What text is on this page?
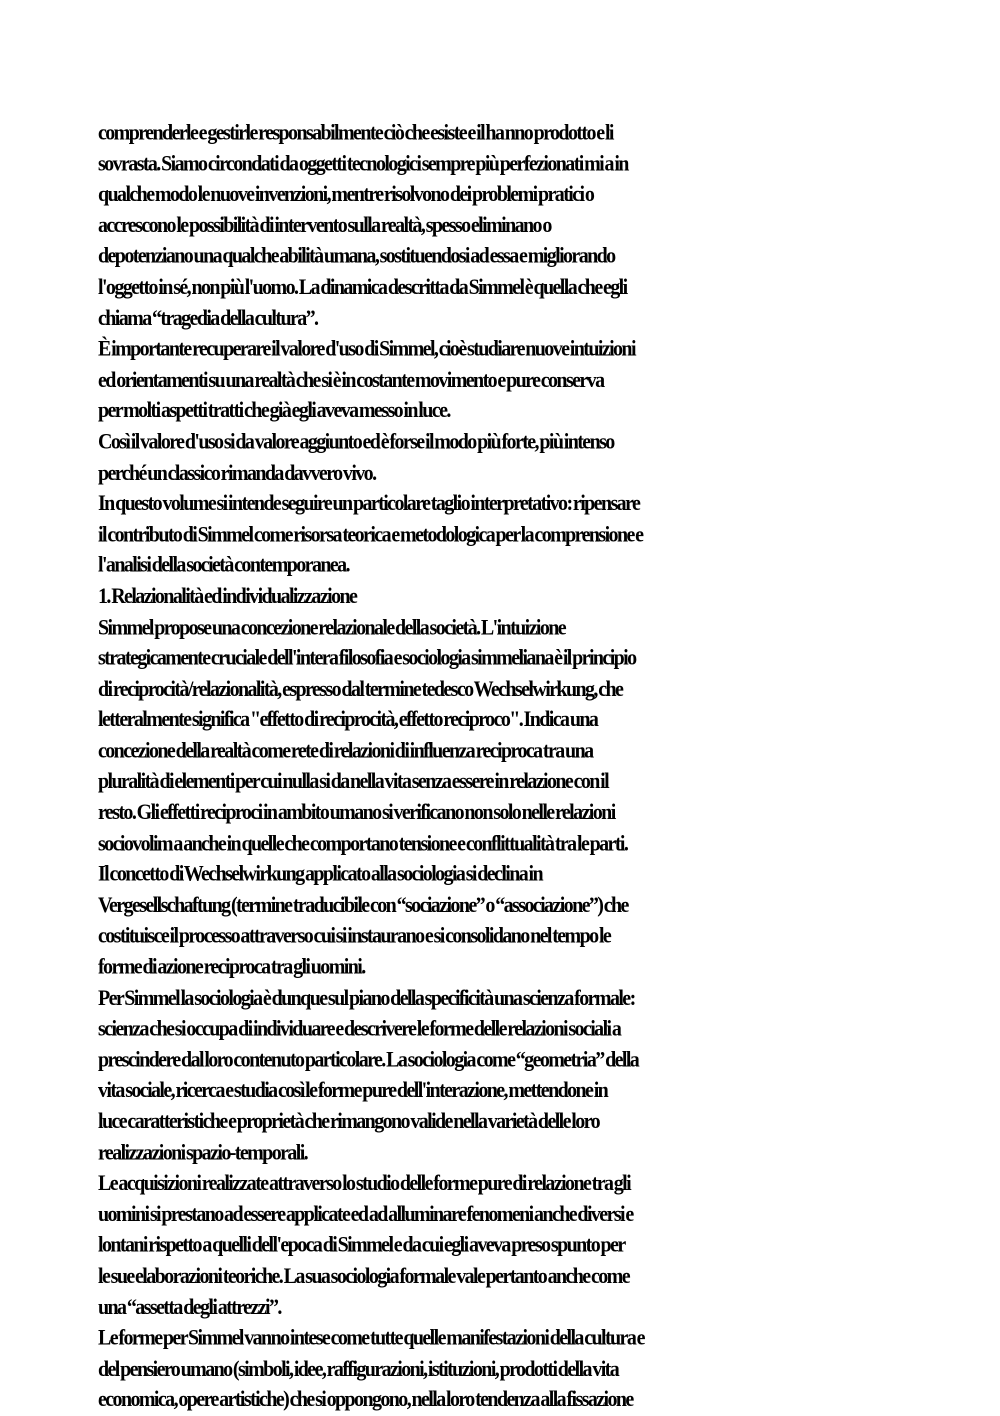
comprenderle e gestirle responsabilmente ciò che esiste e il ha nno prodotto e li
sovrasta. Siamo circondati da oggetti tecnologici sempre più perfezionati mi a in
qualche modo le nuove invenzioni, mentre risolvono dei problemi pratici o
accrescono le possibilità di intervento sulla realtà, spesso eliminano o
depotenziano una qualche abilità umana, sostituendosi ad essa e migliorando
l'oggetto in sé, non più l'uomo. La dinamica descritta da Simmel è quella che egli
chiama “tragedia della cultura”.
È importante recuperare il valore d'uso di Simmel, cioè studiare nuove intuizioni
ed orientamenti su una realtà che si è in costante movimento e pure conserva
per molti aspetti tratti che già egli aveva messo in luce.
Così il valore d'uso si da valore aggiunto ed è forse il modo più forte, più intenso
perché un classico rimanda davvero vivo.
In questo volume si intende seguire un particolare taglio interpretativo: ripensare
il contributo di Simmel come risorsa teorica e metodologica per la comprensione e
l'analisi della società contemporanea.
1. Relazionalità ed individualizzazione
Simmel propose una concezione relazionale della società. L'intuizione
strategicamente cruciale dell'intera filosofia e sociologia simmeliana è il principio
di reciprocità/relazionalità, espresso dal termine tedesco Wechselwirkung, che
letteralmente significa "effetto di reciprocità, effetto reciproco". Indica una
concezione della realtà come rete di relazioni di influenza reciproca tra una
pluralità di elementi per cui nulla si da nella vita senza essere in relazione con il
resto. Gli effetti reciproci in ambito umano si verificano non solo nelle relazioni
sociovolim a anche in quelle che comportano tensione e conflittualità tra le parti.
Il concetto di Wechselwirkung applicato alla sociologia si declina in
Vergesellschaftung (termine traducibile con “sociazione” o “associazione”) che
costituisce il processo attraverso cui si instaurano e si consolidano nel tempo le
forme di azione reciproca tra gli uomini.
Per Simmel la sociologia è dunque sul piano della specificità una scienza formale:
scienza che si occupa di individuare e descrivere le forme delle relazioni sociali a
prescindere dal loro contenuto particolare. La sociologia come “geometria” della
vita sociale, ricerca e studia così le forme pure dell'interazione, mettendone in
luce caratteristiche e proprietà che rimangono valide nella varietà delle loro
realizzazioni spazio-temporali.
Le acquisizioni realizzate attraverso lo studio delle forme pure di relazione tra gli
uomini si prestano ad essere applicate ed ad alluminare fenomeni anche diversi e
lontani rispetto a quelli dell'epoca di Simmel e da cui egli aveva preso spunto per
le sue elaborazioni teoriche. La sua sociologia formale vale pertanto anche come
una “assetta degli attrezzi”.
Le forme per Simmel vanno intese come tutte quelle manifestazioni della cultura e
del pensiero umano (simboli, idee, raffigurazioni, istituzioni, prodotti della vita
economica, opere artistiche) che si oppongono, nella loro tendenza alla fissazione
